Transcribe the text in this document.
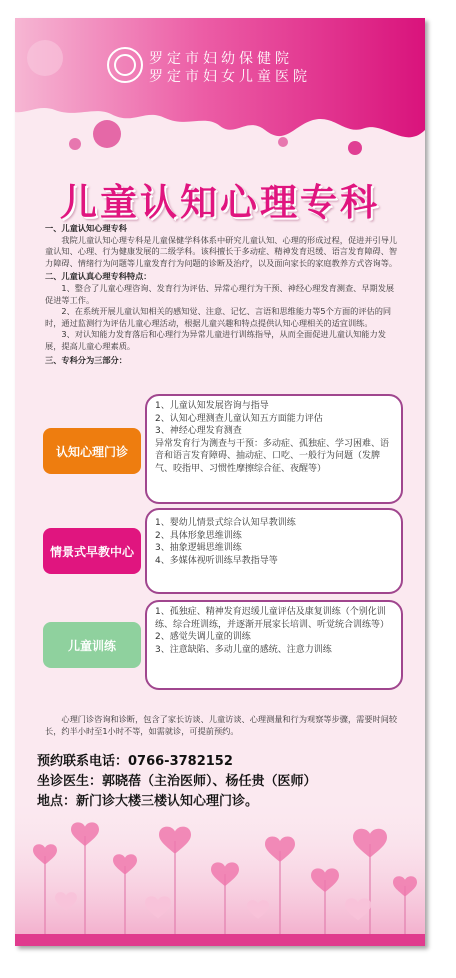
罗定市妇幼保健院
罗定市妇女儿童医院
儿童认知心理专科
一、儿童认知心理专科
我院儿童认知心理专科是儿童保健学科体系中研究儿童认知、心理的形成过程，促进并引导儿童认知、心理、行为健康发展的二级学科。该科擅长于多动症、精神发育迟缓、语言发育障碍、智力障碍、情绪行为问题等儿童发育行为问题的诊断及治疗，以及面向家长的家庭教养方式咨询等。
二、儿童认真心理专科特点：
1、整合了儿童心理咨询、发育行为评估、异常心理行为干预、神经心理发育测查、早期发展促进等工作。
2、在系统开展儿童认知相关的感知觉、注意、记忆、言语和思维能力等5个方面的评估的同时，通过监测行为评估儿童心理活动，根据儿童兴趣和特点提供认知心理相关的适宜训练。
3、对认知能力发育落后和心理行为异常儿童进行训练指导，从而全面促进儿童认知能力发展，提高儿童心理素质。
三、专科分为三部分：
认知心理门诊
1、儿童认知发展咨询与指导
2、认知心理测查儿童认知五方面能力评估
3、神经心理发育测查
异常发育行为测查与干预：多动症、孤独症、学习困难、语音和语言发育障碍、抽动症、口吃、一般行为问题（发脾气、咬指甲、习惯性摩擦综合征、夜醒等）
情景式早教中心
1、婴幼儿情景式综合认知早教训练
2、具体形象思维训练
3、抽象逻辑思维训练
4、多媒体视听训练早教指导等
儿童训练
1、孤独症、精神发育迟缓儿童评估及康复训练（个别化训练、综合班训练，并逐渐开展家长培训、听觉统合训练等）
2、感觉失调儿童的训练
3、注意缺陷、多动儿童的感统、注意力训练
心理门诊咨询和诊断，包含了家长访谈、儿童访谈、心理测量和行为观察等步骤，需要时间较长，约半小时至1小时不等，如需就诊，可提前预约。
预约联系电话：0766-3782152
坐诊医生：郭晓蓓（主治医师）、杨任贵（医师）
